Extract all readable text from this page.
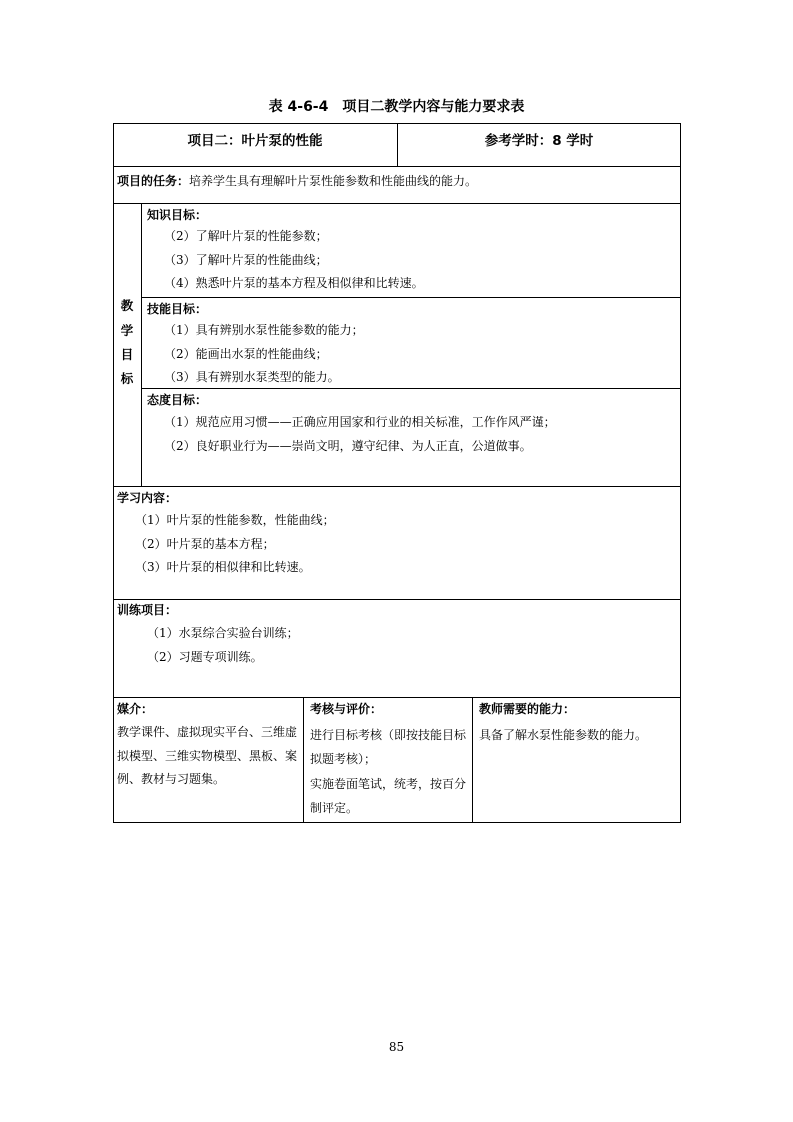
表 4-6-4　项目二教学内容与能力要求表
项目二：叶片泵的性能	参考学时：8 学时
项目的任务：培养学生具有理解叶片泵性能参数和性能曲线的能力。
教
学
目
标
知识目标：
（2）了解叶片泵的性能参数；
（3）了解叶片泵的性能曲线；
（4）熟悉叶片泵的基本方程及相似律和比转速。
技能目标：
（1）具有辨别水泵性能参数的能力；
（2）能画出水泵的性能曲线；
（3）具有辨别水泵类型的能力。
态度目标：
（1）规范应用习惯——正确应用国家和行业的相关标准，工作作风严谨；
（2）良好职业行为——崇尚文明，遵守纪律、为人正直，公道做事。
学习内容：
（1）叶片泵的性能参数，性能曲线；
（2）叶片泵的基本方程；
（3）叶片泵的相似律和比转速。
训练项目：
（1）水泵综合实验台训练；
（2）习题专项训练。
媒介：
教学课件、虚拟现实平台、三维虚
拟模型、三维实物模型、黑板、案
例、教材与习题集。
考核与评价：
进行目标考核（即按技能目标
拟题考核）；
实施卷面笔试，统考，按百分
制评定。
教师需要的能力：
具备了解水泵性能参数的能力。
85
